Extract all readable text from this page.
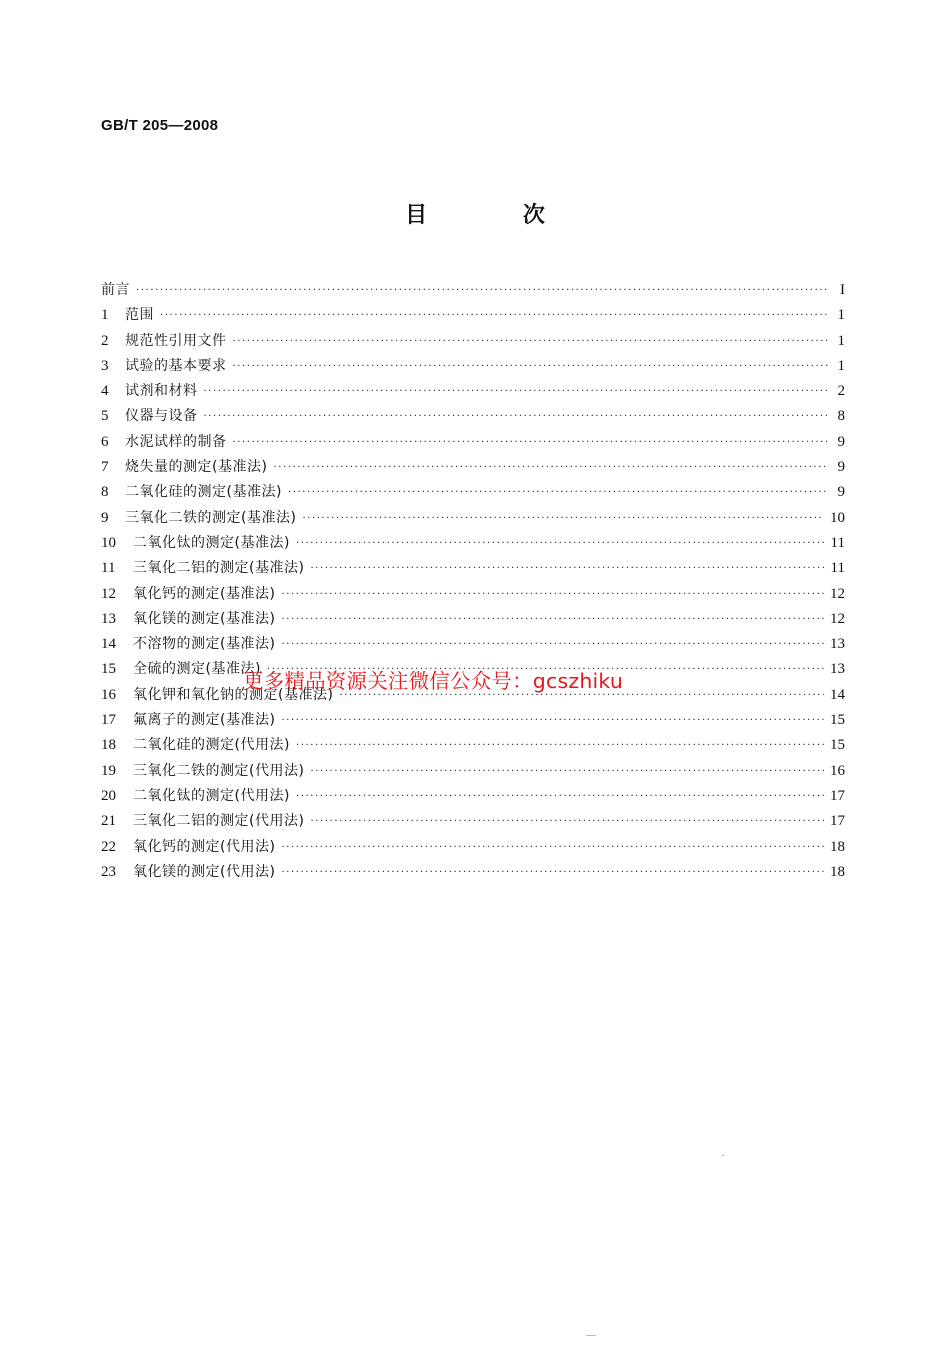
GB/T 205—2008
目 次
前言 ·····	I
1	范围 ·····	1
2	规范性引用文件 ·····	1
3	试验的基本要求 ·····	1
4	试剂和材料 ·····	2
5	仪器与设备 ·····	8
6	水泥试样的制备 ·····	9
7	烧失量的测定(基准法) ·····	9
8	二氧化硅的测定(基准法) ·····	9
9	三氧化二铁的测定(基准法) ·····	10
10	二氧化钛的测定(基准法) ·····	11
11	三氧化二铝的测定(基准法) ·····	11
12	氧化钙的测定(基准法) ·····	12
13	氧化镁的测定(基准法) ·····	12
14	不溶物的测定(基准法) ·····	13
15	全硫的测定(基准法) ·····	13
16	氧化钾和氧化钠的测定(基准法) ·····	14
17	氟离子的测定(基准法) ·····	15
18	二氧化硅的测定(代用法) ·····	15
19	三氧化二铁的测定(代用法) ·····	16
20	二氧化钛的测定(代用法) ·····	17
21	三氧化二铝的测定(代用法) ·····	17
22	氧化钙的测定(代用法) ·····	18
23	氧化镁的测定(代用法) ·····	18
更多精品资源关注微信公众号：gcszhiku
